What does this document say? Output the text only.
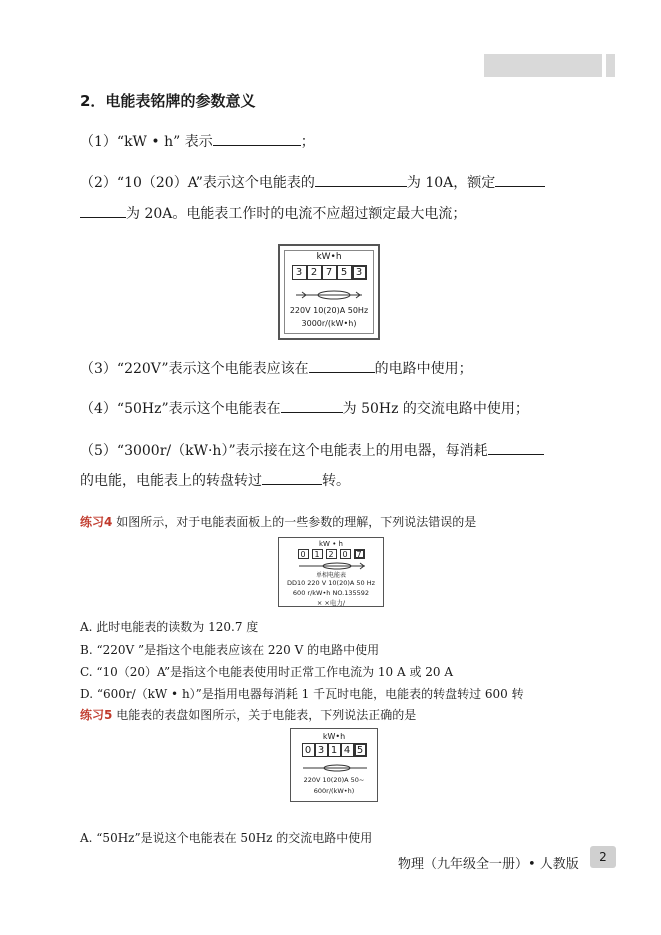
2．电能表铭牌的参数意义
（1）“kW • h” 表示	；
（2）“10（20）A”表示这个电能表的	为 10A，额定
为 20A。电能表工作时的电流不应超过额定最大电流；
kW•h
3 2 7 5 3
220V 10(20)A 50Hz
3000r/(kW•h)
（3）“220V”表示这个电能表应该在	的电路中使用；
（4）“50Hz”表示这个电能表在	为 50Hz 的交流电路中使用；
（5）“3000r/（kW·h）”表示接在这个电能表上的用电器，每消耗
的电能，电能表上的转盘转过	转。
练习4 如图所示，对于电能表面板上的一些参数的理解，下列说法错误的是
kW • h
0	1	2	0	7
单相电能表
DD10 220 V 10(20)A 50 Hz
600 r/kW•h NO.135592
× ×电力/
A. 此时电能表的读数为 120.7 度
B. “220V ”是指这个电能表应该在 220 V 的电路中使用
C. “10（20）A”是指这个电能表使用时正常工作电流为 10 A 或 20 A
D. “600r/（kW • h）”是指用电器每消耗 1 千瓦时电能，电能表的转盘转过 600 转
练习5 电能表的表盘如图所示，关于电能表，下列说法正确的是
kW•h
0 3 1 4 5
220V 10(20)A 50~
600r/(kW•h)
A. “50Hz”是说这个电能表在 50Hz 的交流电路中使用
物理（九年级全一册）• 人教版	2
